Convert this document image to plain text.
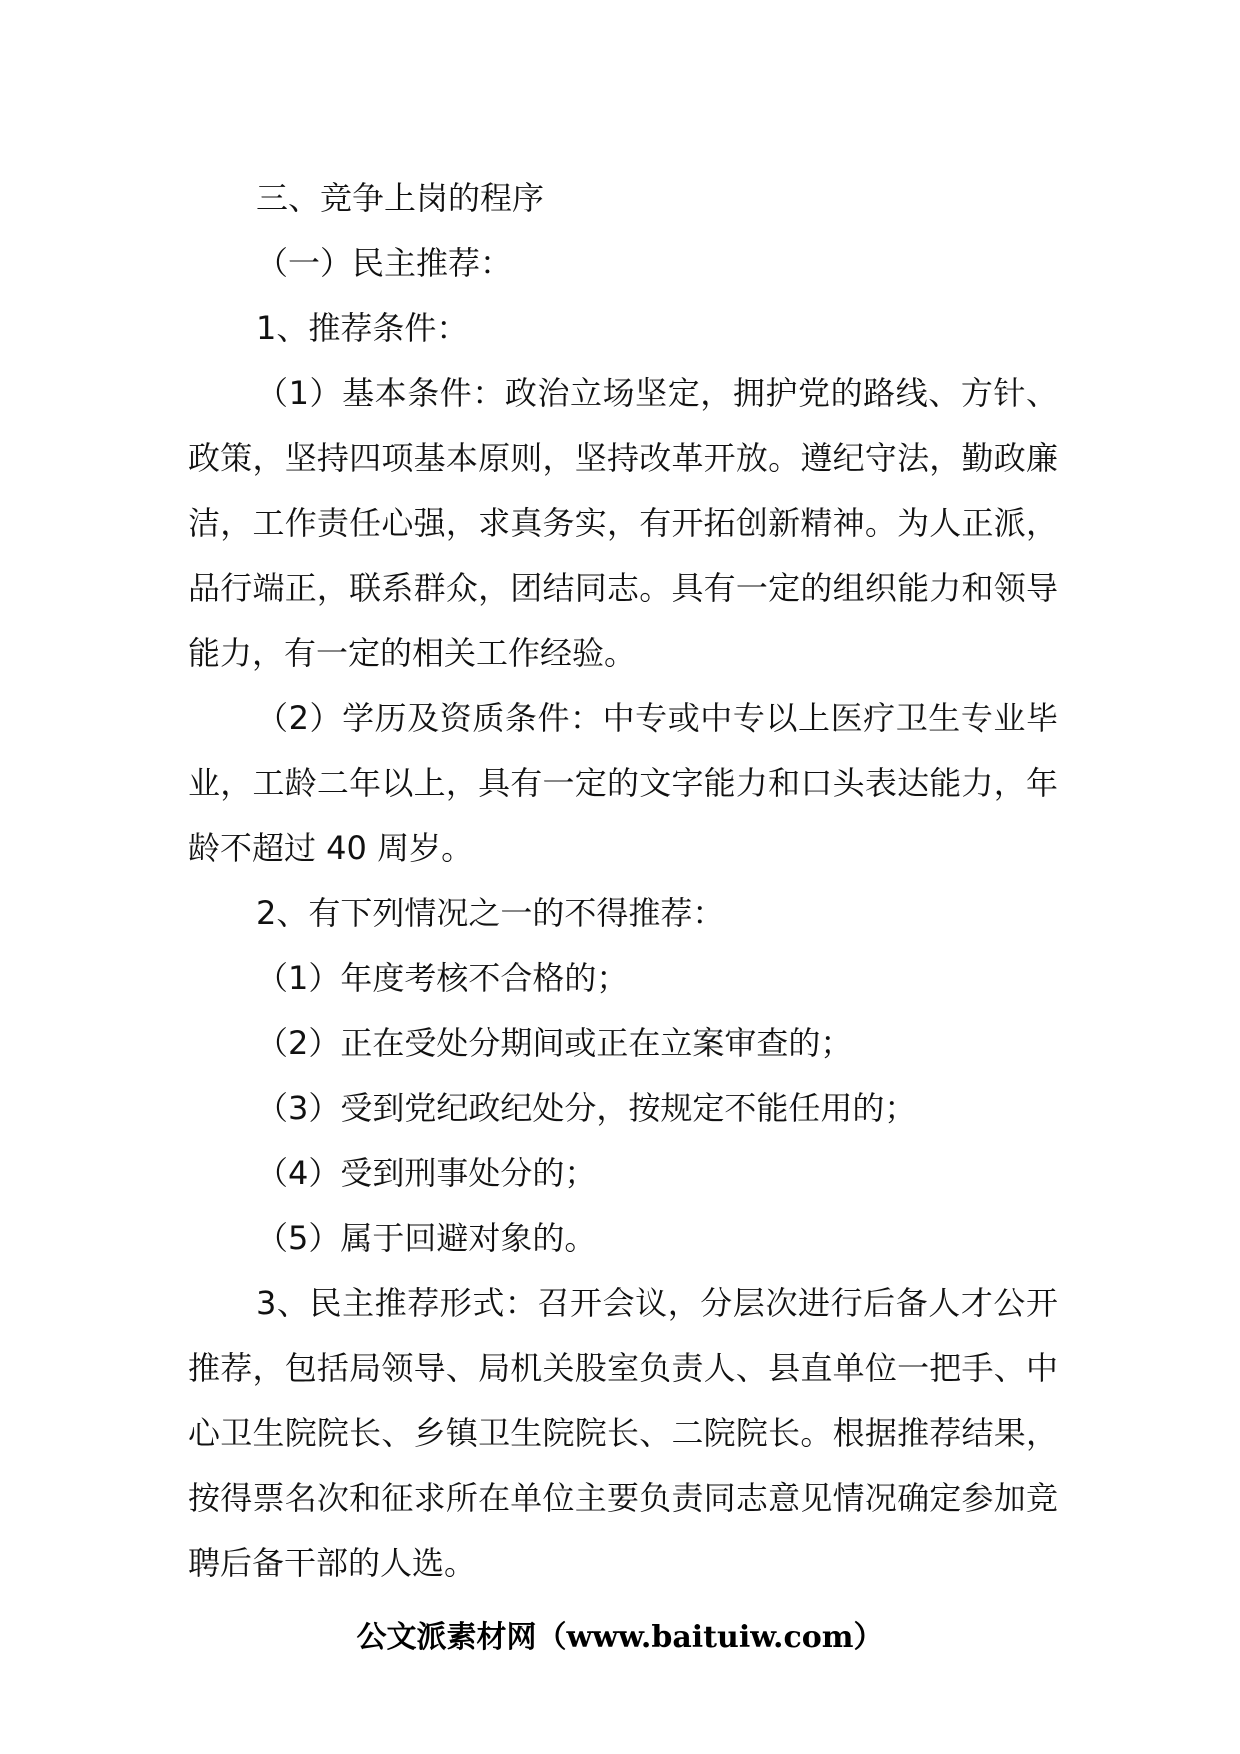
三、竞争上岗的程序

（一）民主推荐：

1、推荐条件：

（1）基本条件：政治立场坚定，拥护党的路线、方针、政策，坚持四项基本原则，坚持改革开放。遵纪守法，勤政廉洁，工作责任心强，求真务实，有开拓创新精神。为人正派，品行端正，联系群众，团结同志。具有一定的组织能力和领导能力，有一定的相关工作经验。

（2）学历及资质条件：中专或中专以上医疗卫生专业毕业，工龄二年以上，具有一定的文字能力和口头表达能力，年龄不超过 40 周岁。

2、有下列情况之一的不得推荐：

（1）年度考核不合格的；

（2）正在受处分期间或正在立案审查的；

（3）受到党纪政纪处分，按规定不能任用的；

（4）受到刑事处分的；

（5）属于回避对象的。

3、民主推荐形式：召开会议，分层次进行后备人才公开推荐，包括局领导、局机关股室负责人、县直单位一把手、中心卫生院院长、乡镇卫生院院长、二院院长。根据推荐结果，按得票名次和征求所在单位主要负责同志意见情况确定参加竞聘后备干部的人选。

公文派素材网（www.baituiw.com）
